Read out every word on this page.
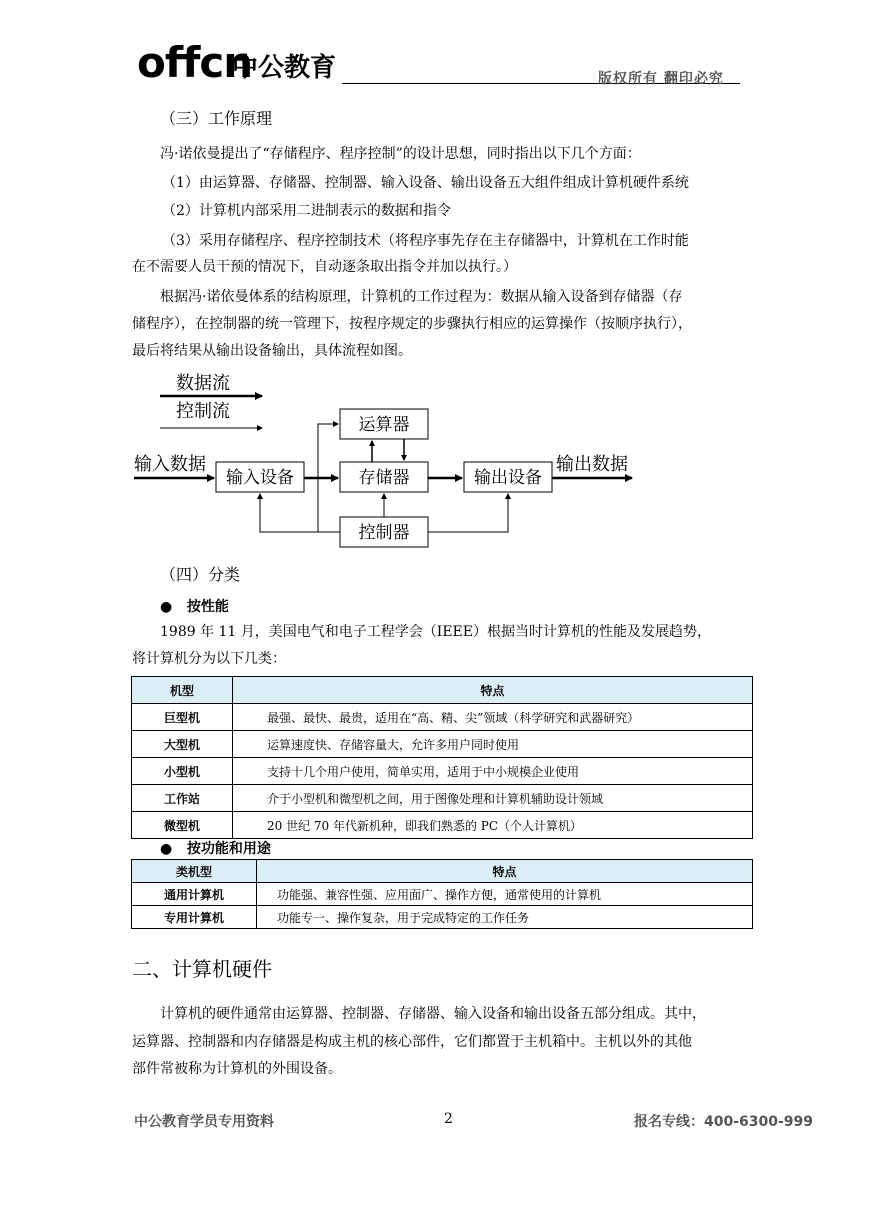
offcn
中公教育	版权所有 翻印必究
（三）工作原理
冯·诺依曼提出了“存储程序、程序控制”的设计思想，同时指出以下几个方面：
（1）由运算器、存储器、控制器、输入设备、输出设备五大组件组成计算机硬件系统
（2）计算机内部采用二进制表示的数据和指令
（3）采用存储程序、程序控制技术（将程序事先存在主存储器中，计算机在工作时能
在不需要人员干预的情况下，自动逐条取出指令并加以执行。）
根据冯·诺依曼体系的结构原理，计算机的工作过程为：数据从输入设备到存储器（存
储程序），在控制器的统一管理下，按程序规定的步骤执行相应的运算操作（按顺序执行），
最后将结果从输出设备输出，具体流程如图。
数据流
控制流
输入数据
输入设备
运算器
存储器	输出设备
控制器
输出数据
（四）分类
● 按性能
1989 年 11 月，美国电气和电子工程学会（IEEE）根据当时计算机的性能及发展趋势，
将计算机分为以下几类：
机型	特点
巨型机	最强、最快、最贵，适用在“高、精、尖”领域（科学研究和武器研究）
大型机	运算速度快、存储容量大，允许多用户同时使用
小型机	支持十几个用户使用，简单实用，适用于中小规模企业使用
工作站	介于小型机和微型机之间，用于图像处理和计算机辅助设计领域
微型机	20 世纪 70 年代新机种，即我们熟悉的 PC（个人计算机）
● 按功能和用途
类机型	特点
通用计算机	功能强、兼容性强、应用面广、操作方便，通常使用的计算机
专用计算机	功能专一、操作复杂，用于完成特定的工作任务
二、计算机硬件
计算机的硬件通常由运算器、控制器、存储器、输入设备和输出设备五部分组成。其中，
运算器、控制器和内存储器是构成主机的核心部件，它们都置于主机箱中。主机以外的其他
部件常被称为计算机的外围设备。
中公教育学员专用资料	2	报名专线：400-6300-999
